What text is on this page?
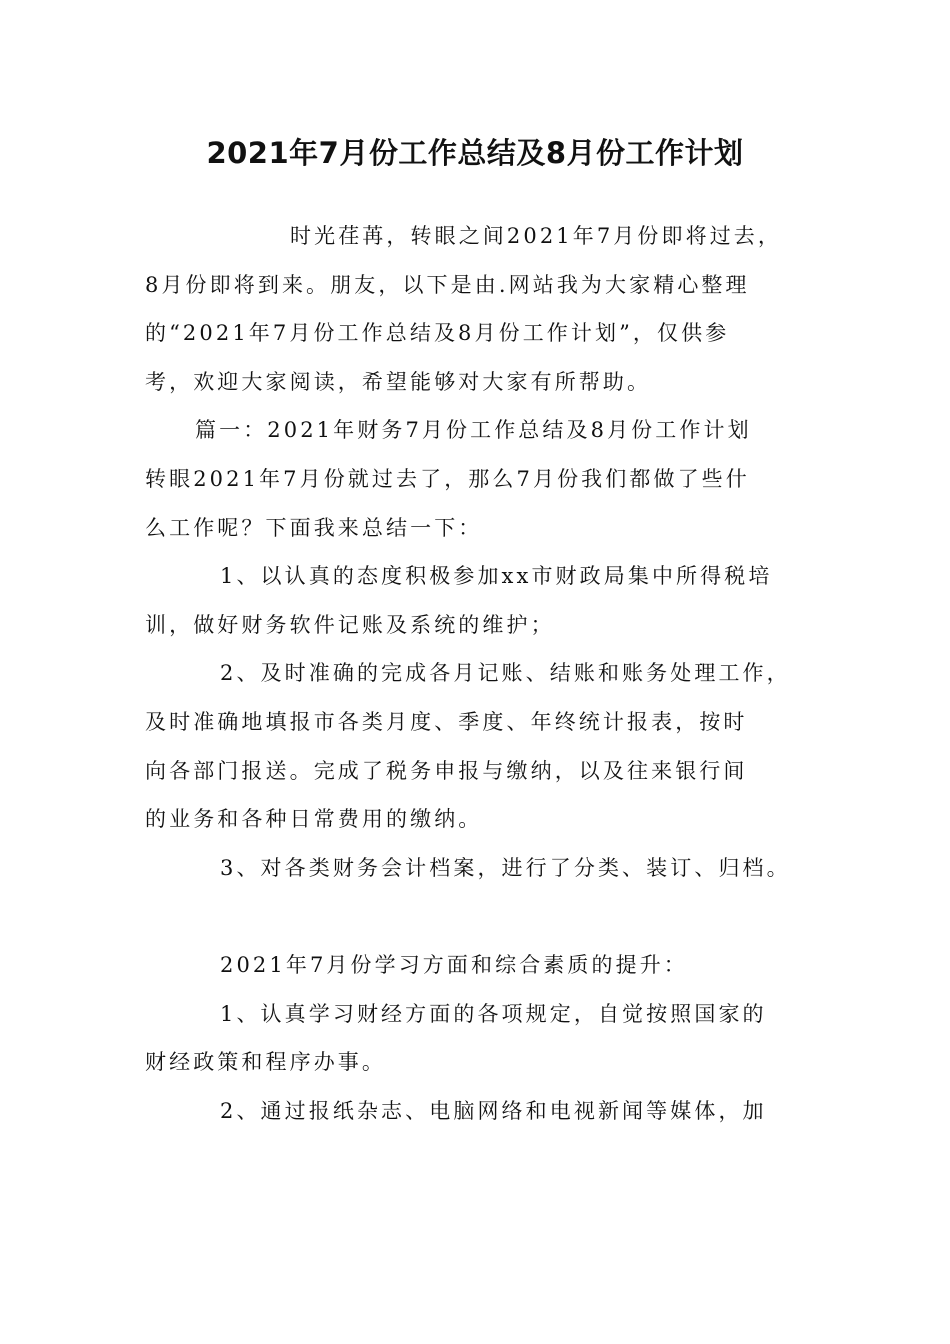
2021年7月份工作总结及8月份工作计划
时光荏苒，转眼之间2021年7月份即将过去，
8月份即将到来。朋友，以下是由.网站我为大家精心整理
的“2021年7月份工作总结及8月份工作计划”，仅供参
考，欢迎大家阅读，希望能够对大家有所帮助。
篇一：2021年财务7月份工作总结及8月份工作计划
转眼2021年7月份就过去了，那么7月份我们都做了些什
么工作呢？下面我来总结一下：
1、以认真的态度积极参加xx市财政局集中所得税培
训，做好财务软件记账及系统的维护；
2、及时准确的完成各月记账、结账和账务处理工作，
及时准确地填报市各类月度、季度、年终统计报表，按时
向各部门报送。完成了税务申报与缴纳，以及往来银行间
的业务和各种日常费用的缴纳。
3、对各类财务会计档案，进行了分类、装订、归档。
2021年7月份学习方面和综合素质的提升：
1、认真学习财经方面的各项规定，自觉按照国家的
财经政策和程序办事。
2、通过报纸杂志、电脑网络和电视新闻等媒体，加
